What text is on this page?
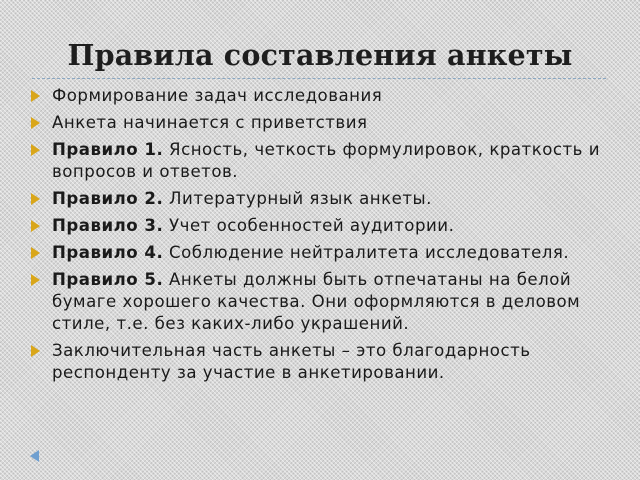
Правила составления анкеты
Формирование задач исследования
Анкета начинается с приветствия
Правило 1. Ясность, четкость формулировок, краткость и вопросов и ответов.
Правило 2. Литературный язык анкеты.
Правило 3. Учет особенностей аудитории.
Правило 4. Соблюдение нейтралитета исследователя.
Правило 5. Анкеты должны быть отпечатаны на белой бумаге хорошего качества. Они оформляются в деловом стиле, т.е. без каких-либо украшений.
Заключительная часть анкеты – это благодарность респонденту за участие в анкетировании.
